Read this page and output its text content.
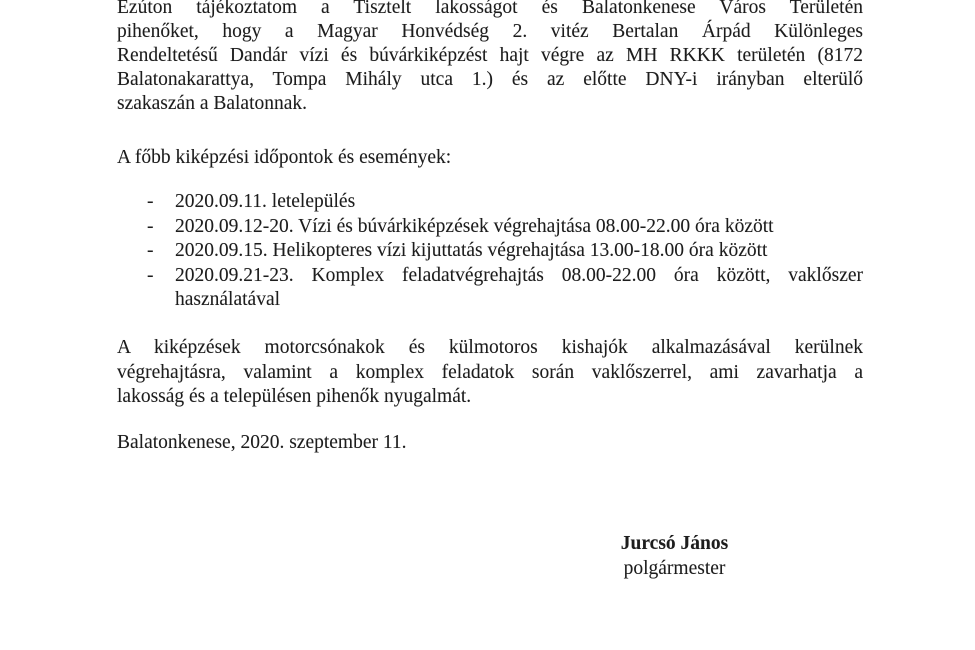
Ezúton tájékoztatom a Tisztelt lakosságot és Balatonkenese Város Területén
pihenőket, hogy a Magyar Honvédség 2. vitéz Bertalan Árpád Különleges
Rendeltetésű Dandár vízi és búvárkiképzést hajt végre az MH RKKK területén (8172
Balatonakarattya, Tompa Mihály utca 1.) és az előtte DNY-i irányban elterülő
szakaszán a Balatonnak.
A főbb kiképzési időpontok és események:
- 2020.09.11. letelepülés
- 2020.09.12-20. Vízi és búvárkiképzések végrehajtása 08.00-22.00 óra között
- 2020.09.15. Helikopteres vízi kijuttatás végrehajtása 13.00-18.00 óra között
- 2020.09.21-23. Komplex feladatvégrehajtás 08.00-22.00 óra között, vaklőszer
használatával
A kiképzések motorcsónakok és külmotoros kishajók alkalmazásával kerülnek
végrehajtásra, valamint a komplex feladatok során vaklőszerrel, ami zavarhatja a
lakosság és a településen pihenők nyugalmát.
Balatonkenese, 2020. szeptember 11.
Jurcsó János
polgármester
